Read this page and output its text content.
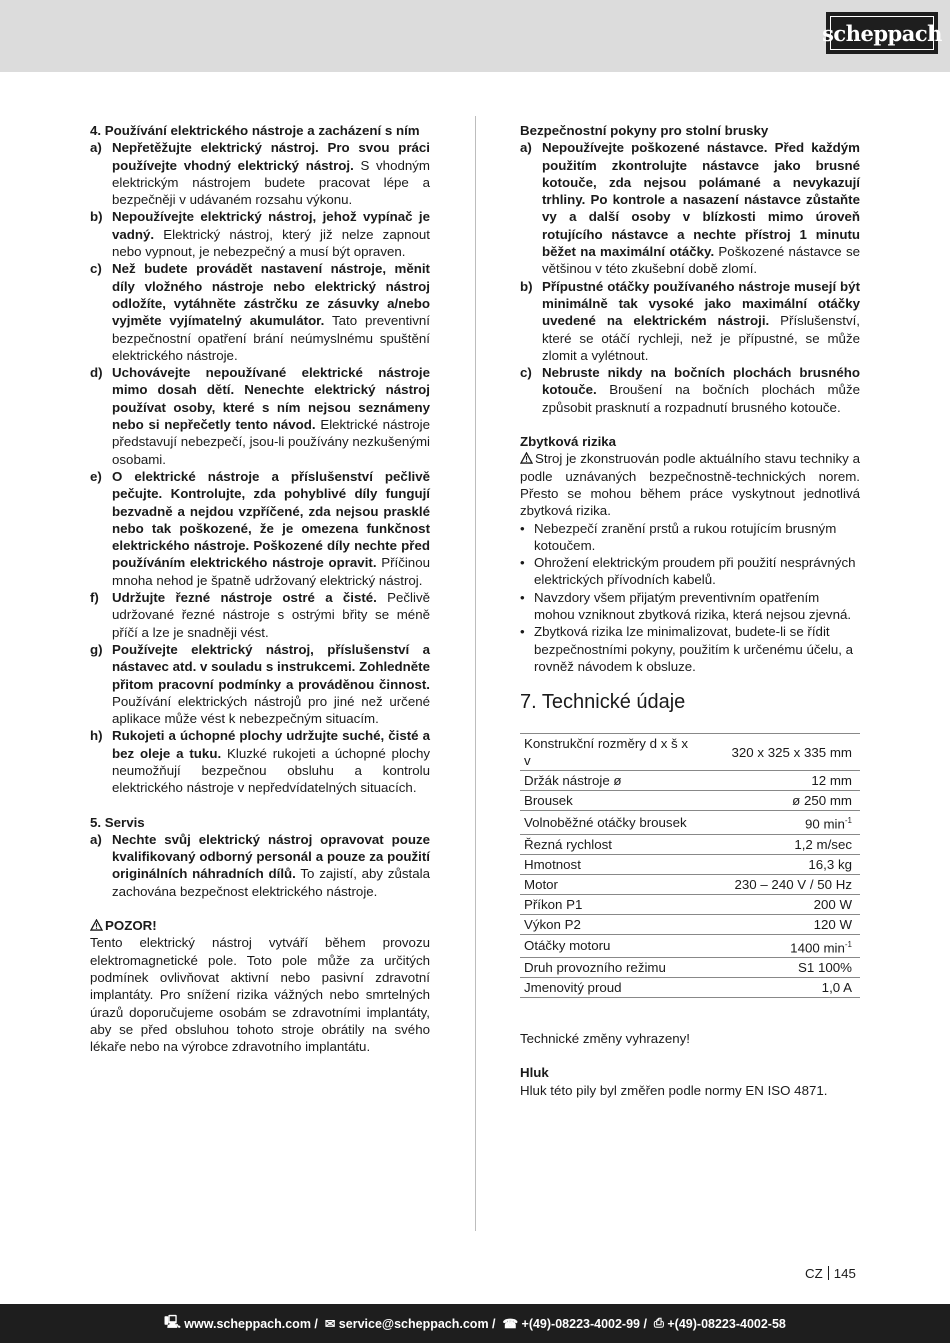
scheppach
4. Používání elektrického nástroje a zacházení s ním
a) Nepřetěžujte elektrický nástroj. Pro svou práci používejte vhodný elektrický nástroj. S vhodným elektrickým nástrojem budete pracovat lépe a bezpečněji v udávaném rozsahu výkonu.
b) Nepoužívejte elektrický nástroj, jehož vypínač je vadný. Elektrický nástroj, který již nelze zapnout nebo vypnout, je nebezpečný a musí být opraven.
c) Než budete provádět nastavení nástroje, měnit díly vložného nástroje nebo elektrický nástroj odložíte, vytáhněte zástrčku ze zásuvky a/nebo vyjměte vyjímatelný akumulátor. Tato preventivní bezpečnostní opatření brání neúmyslnému spuštění elektrického nástroje.
d) Uchovávejte nepoužívané elektrické nástroje mimo dosah dětí. Nenechte elektrický nástroj používat osoby, které s ním nejsou seznámeny nebo si nepřečetly tento návod. Elektrické nástroje představují nebezpečí, jsou-li používány nezkušenými osobami.
e) O elektrické nástroje a příslušenství pečlivě pečujte. Kontrolujte, zda pohyblivé díly fungují bezvadně a nejdou vzpříčené, zda nejsou prasklé nebo tak poškozené, že je omezena funkčnost elektrického nástroje. Poškozené díly nechte před používáním elektrického nástroje opravit. Příčinou mnoha nehod je špatně udržovaný elektrický nástroj.
f) Udržujte řezné nástroje ostré a čisté. Pečlivě udržované řezné nástroje s ostrými břity se méně příčí a lze je snadněji vést.
g) Používejte elektrický nástroj, příslušenství a nástavec atd. v souladu s instrukcemi. Zohledněte přitom pracovní podmínky a prováděnou činnost. Používání elektrických nástrojů pro jiné než určené aplikace může vést k nebezpečným situacím.
h) Rukojeti a úchopné plochy udržujte suché, čisté a bez oleje a tuku. Kluzké rukojeti a úchopné plochy neumožňují bezpečnou obsluhu a kontrolu elektrického nástroje v nepředvídatelných situacích.
5. Servis
a) Nechte svůj elektrický nástroj opravovat pouze kvalifikovaný odborný personál a pouze za použití originálních náhradních dílů. To zajistí, aby zůstala zachována bezpečnost elektrického nástroje.
POZOR!
Tento elektrický nástroj vytváří během provozu elektromagnetické pole. Toto pole může za určitých podmínek ovlivňovat aktivní nebo pasivní zdravotní implantáty. Pro snížení rizika vážných nebo smrtelných úrazů doporučujeme osobám se zdravotními implantáty, aby se před obsluhou tohoto stroje obrátily na svého lékaře nebo na výrobce zdravotního implantátu.
Bezpečnostní pokyny pro stolní brusky
a) Nepoužívejte poškozené nástavce. Před každým použitím zkontrolujte nástavce jako brusné kotouče, zda nejsou polámané a nevykazují trhliny. Po kontrole a nasazení nástavce zůstaňte vy a další osoby v blízkosti mimo úroveň rotujícího nástavce a nechte přístroj 1 minutu běžet na maximální otáčky. Poškozené nástavce se většinou v této zkušební době zlomí.
b) Přípustné otáčky používaného nástroje musejí být minimálně tak vysoké jako maximální otáčky uvedené na elektrickém nástroji. Příslušenství, které se otáčí rychleji, než je přípustné, se může zlomit a vylétnout.
c) Nebruste nikdy na bočních plochách brusného kotouče. Broušení na bočních plochách může způsobit prasknutí a rozpadnutí brusného kotouče.
Zbytková rizika
Stroj je zkonstruován podle aktuálního stavu techniky a podle uznávaných bezpečnostně-technických norem. Přesto se mohou během práce vyskytnout jednotlivá zbytková rizika.
• Nebezpečí zranění prstů a rukou rotujícím brusným kotoučem.
• Ohrožení elektrickým proudem při použití nesprávných elektrických přívodních kabelů.
• Navzdory všem přijatým preventivním opatřením mohou vzniknout zbytková rizika, která nejsou zjevná.
• Zbytková rizika lze minimalizovat, budete-li se řídit bezpečnostními pokyny, použitím k určenému účelu, a rovněž návodem k obsluze.
7. Technické údaje
Konstrukční rozměry d x š x v	320 x 325 x 335 mm
Držák nástroje ø	12 mm
Brousek	ø 250 mm
Volnoběžné otáčky brousek	90 $\min^{-1}$
Řezná rychlost	1,2 m/sec
Hmotnost	16,3 kg
Motor	230 – 240 V / 50 Hz
Příkon P1	200 W
Výkon P2	120 W
Otáčky motoru	1400 $\min^{-1}$
Druh provozního režimu	S1 100%
Jmenovitý proud	1,0 A
Technické změny vyhrazeny!
Hluk
Hluk této pily byl změřen podle normy EN ISO 4871.
CZ 145
🖳 www.scheppach.com / ✉ service@scheppach.com / ☎ +(49)-08223-4002-99 / ⎙ +(49)-08223-4002-58
